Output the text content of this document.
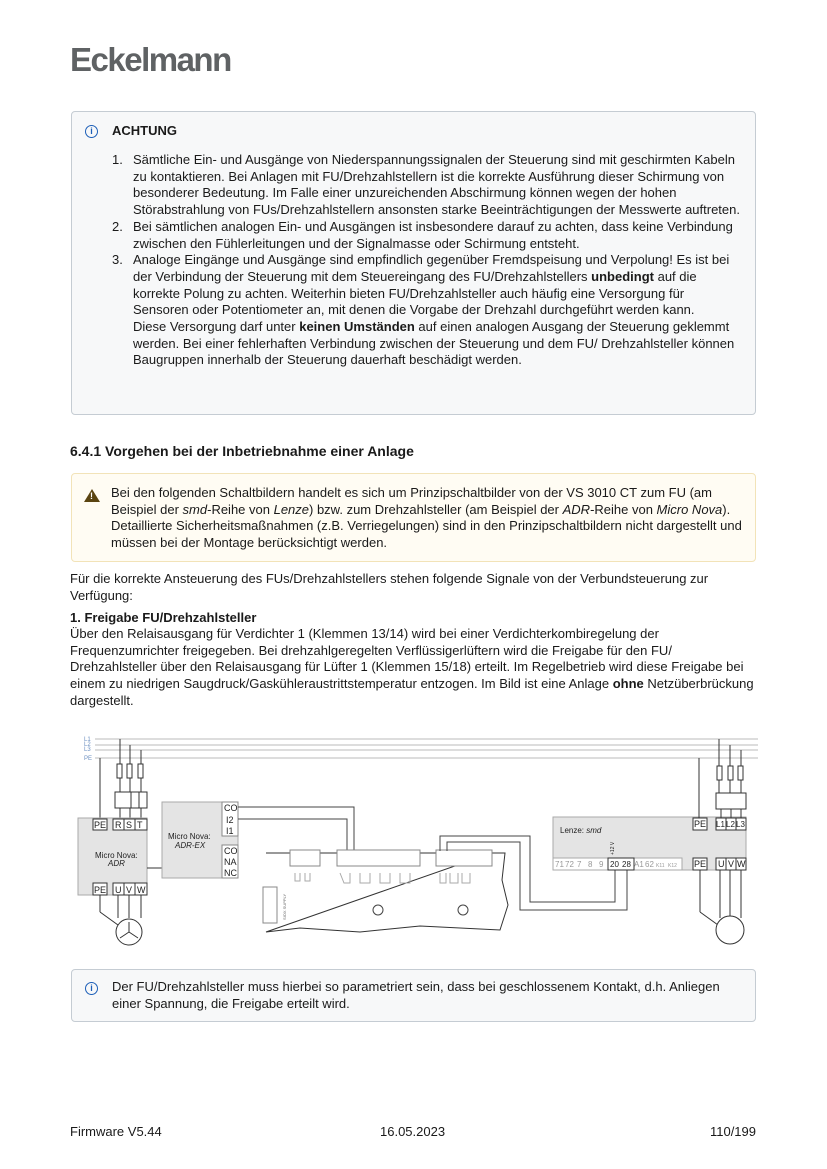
Eckelmann
i	ACHTUNG
1. Sämtliche Ein- und Ausgänge von Niederspannungssignalen der Steuerung sind mit geschirmten Kabeln zu kontaktieren. Bei Anlagen mit FU/Drehzahlstellern ist die korrekte Ausführung dieser Schirmung von besonderer Bedeutung. Im Falle einer unzureichenden Abschirmung können wegen der hohen Störabstrahlung von FUs/Drehzahlstellern ansonsten starke Beeinträchtigungen der Messwerte auftreten.
2. Bei sämtlichen analogen Ein- und Ausgängen ist insbesondere darauf zu achten, dass keine Verbindung zwischen den Fühlerleitungen und der Signalmasse oder Schirmung entsteht.
3. Analoge Eingänge und Ausgänge sind empfindlich gegenüber Fremdspeisung und Verpolung! Es ist bei der Verbindung der Steuerung mit dem Steuereingang des FU/Drehzahlstellers unbedingt auf die korrekte Polung zu achten. Weiterhin bieten FU/Drehzahlsteller auch häufig eine Versorgung für Sensoren oder Potentiometer an, mit denen die Vorgabe der Drehzahl durchgeführt werden kann.
Diese Versorgung darf unter keinen Umständen auf einen analogen Ausgang der Steuerung geklemmt werden. Bei einer fehlerhaften Verbindung zwischen der Steuerung und dem FU/ Drehzahlsteller können Baugruppen innerhalb der Steuerung dauerhaft beschädigt werden.
6.4.1 Vorgehen bei der Inbetriebnahme einer Anlage
! Bei den folgenden Schaltbildern handelt es sich um Prinzipschaltbilder von der VS 3010 CT zum FU (am Beispiel der smd-Reihe von Lenze) bzw. zum Drehzahlsteller (am Beispiel der ADR-Reihe von Micro Nova). Detaillierte Sicherheitsmaßnahmen (z.B. Verriegelungen) sind in den Prinzipschaltbildern nicht dargestellt und müssen bei der Montage berücksichtigt werden.
Für die korrekte Ansteuerung des FUs/Drehzahlstellers stehen folgende Signale von der Verbundsteuerung zur Verfügung:
1. Freigabe FU/Drehzahlsteller
Über den Relaisausgang für Verdichter 1 (Klemmen 13/14) wird bei einer Verdichterkombiregelung der Frequenzumrichter freigegeben. Bei drehzahlgeregelten Verflüssigerlüftern wird die Freigabe für den FU/ Drehzahlsteller über den Relaisausgang für Lüfter 1 (Klemmen 15/18) erteilt. Im Regelbetrieb wird diese Freigabe bei einem zu niedrigen Saugdruck/Gaskühleraustrittstemperatur entzogen. Im Bild ist eine Anlage ohne Netzüberbrückung dargestellt.
L1
L2
L3
PE
PE R S T
PE U V W
Micro Nova:
ADR
CO
I2
I1
CO
NA
NC
Micro Nova:
ADR-EX
SIOX SUPPLY
Lenze: smd
+12 V
71 72 7 8 9 20 28 A1 62 K11 K12
PE L1 L2 L3
PE U V W
i	Der FU/Drehzahlsteller muss hierbei so parametriert sein, dass bei geschlossenem Kontakt, d.h. Anliegen einer Spannung, die Freigabe erteilt wird.
Firmware V5.44	16.05.2023	110/199
